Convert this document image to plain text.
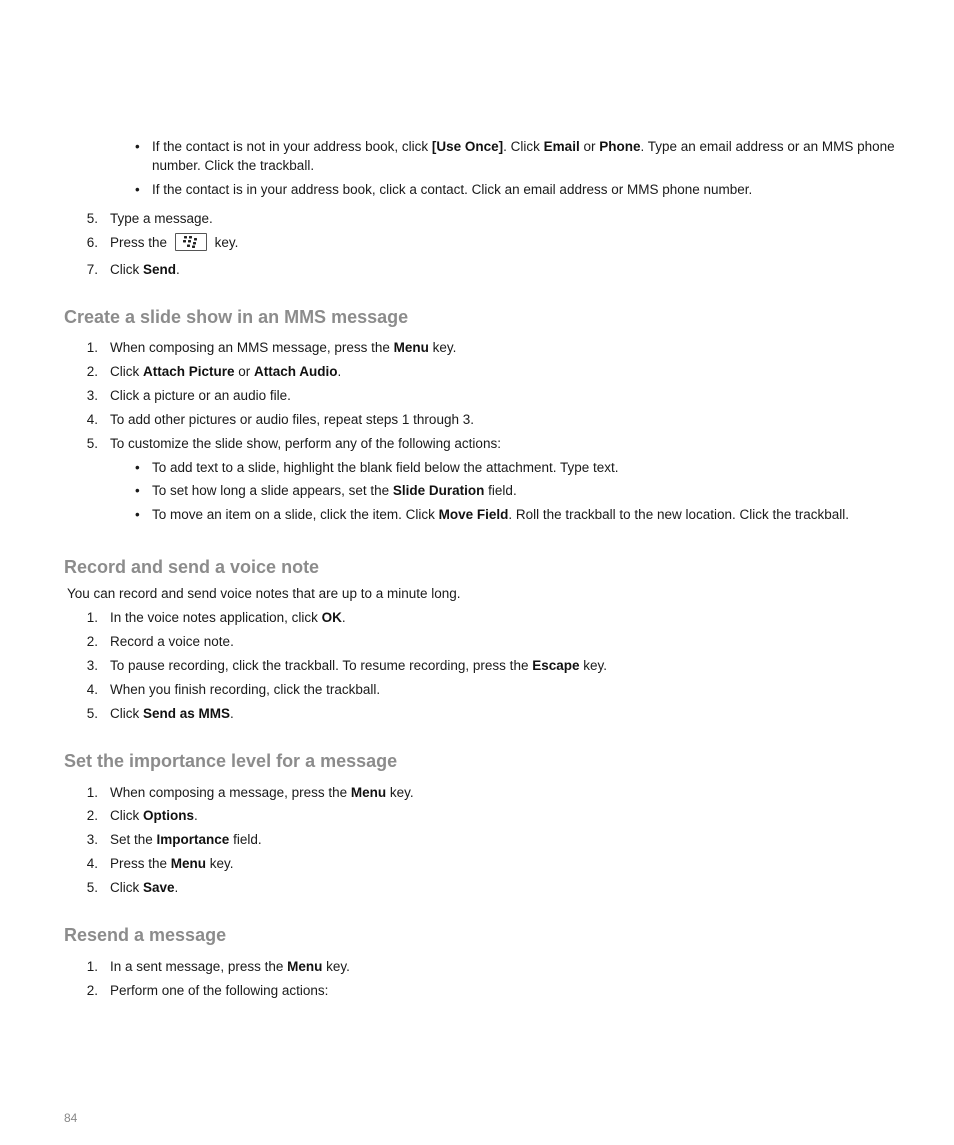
• If the contact is not in your address book, click [Use Once]. Click Email or Phone. Type an email address or an MMS phone
number. Click the trackball.
• If the contact is in your address book, click a contact. Click an email address or MMS phone number.
5. Type a message.
6. Press the	key.
7. Click Send.
Create a slide show in an MMS message
1. When composing an MMS message, press the Menu key.
2. Click Attach Picture or Attach Audio.
3. Click a picture or an audio file.
4. To add other pictures or audio files, repeat steps 1 through 3.
5. To customize the slide show, perform any of the following actions:
• To add text to a slide, highlight the blank field below the attachment. Type text.
• To set how long a slide appears, set the Slide Duration field.
• To move an item on a slide, click the item. Click Move Field. Roll the trackball to the new location. Click the trackball.
Record and send a voice note
You can record and send voice notes that are up to a minute long.
1. In the voice notes application, click OK.
2. Record a voice note.
3. To pause recording, click the trackball. To resume recording, press the Escape key.
4. When you finish recording, click the trackball.
5. Click Send as MMS.
Set the importance level for a message
1. When composing a message, press the Menu key.
2. Click Options.
3. Set the Importance field.
4. Press the Menu key.
5. Click Save.
Resend a message
1. In a sent message, press the Menu key.
2. Perform one of the following actions:
84
